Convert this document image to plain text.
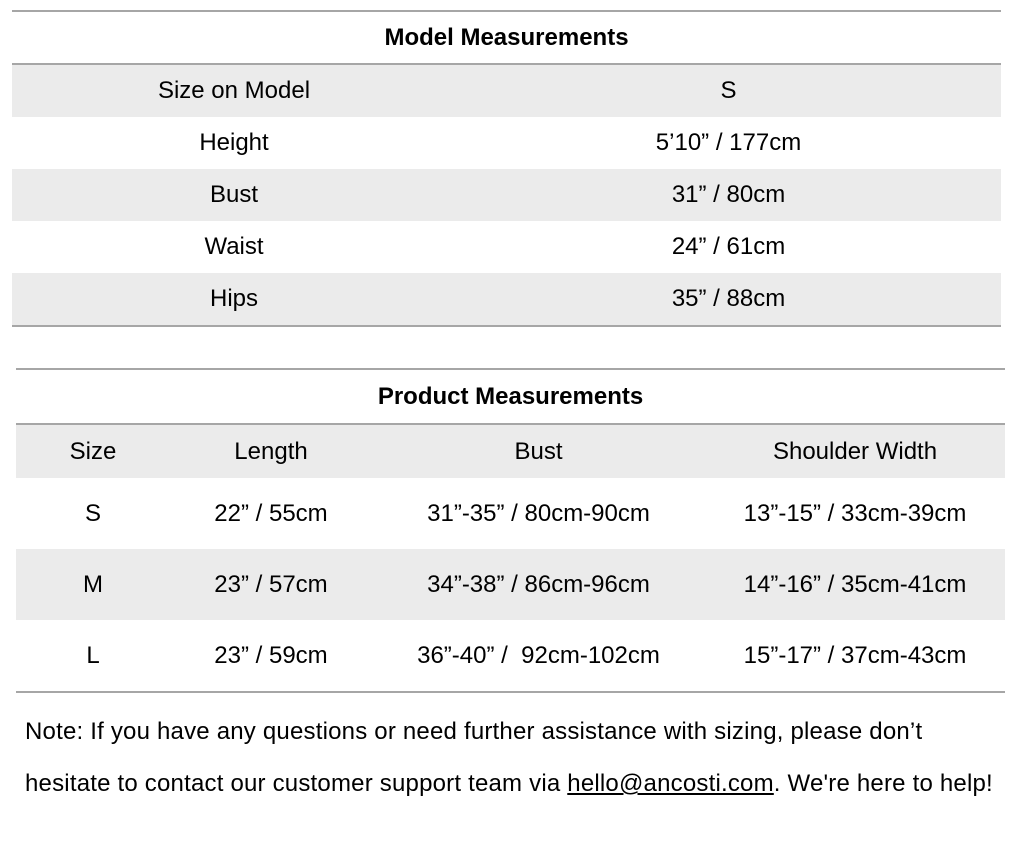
Model Measurements	
Size on Model	S
Height	5’10” / 177cm
Bust	31” / 80cm
Waist	24” / 61cm
Hips	35” / 88cm
Product Measurements			
Size	Length	Bust	Shoulder Width
S	22” / 55cm	31”-35” / 80cm-90cm	13”-15” / 33cm-39cm
M	23” / 57cm	34”-38” / 86cm-96cm	14”-16” / 35cm-41cm
L	23” / 59cm	36”-40” /  92cm-102cm	15”-17” / 37cm-43cm
Note: If you have any questions or need further assistance with sizing, please don’t hesitate to contact our customer support team via hello@ancosti.com. We're here to help!
